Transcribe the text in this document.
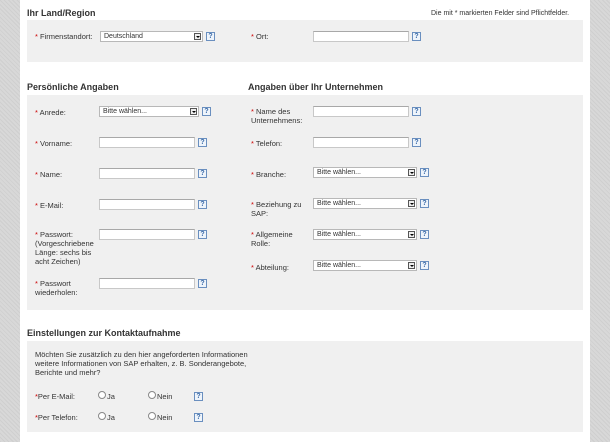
Ihr Land/Region	Die mit * markierten Felder sind Pflichtfelder.
* Firmenstandort:	Deutschland	?	* Ort:	?
Persönliche Angaben	Angaben über Ihr Unternehmen
* Anrede:	Bitte wählen...	?
* Vorname:	?
* Name:	?
* E-Mail:	?
* Passwort:
(Vorgeschriebene Länge: sechs bis acht Zeichen)
?
* Passwort wiederholen:
?
* Name des Unternehmens:
?
* Telefon:	?
* Branche:	Bitte wählen...	?
* Beziehung zu SAP:
Bitte wählen...	?
* Allgemeine Rolle:
Bitte wählen...	?
* Abteilung:	Bitte wählen...	?
Einstellungen zur Kontaktaufnahme
Möchten Sie zusätzlich zu den hier angeforderten Informationen weitere Informationen von SAP erhalten, z. B. Sonderangebote, Berichte und mehr?
*Per E-Mail:	Ja	Nein	?
*Per Telefon:	Ja	Nein	?
